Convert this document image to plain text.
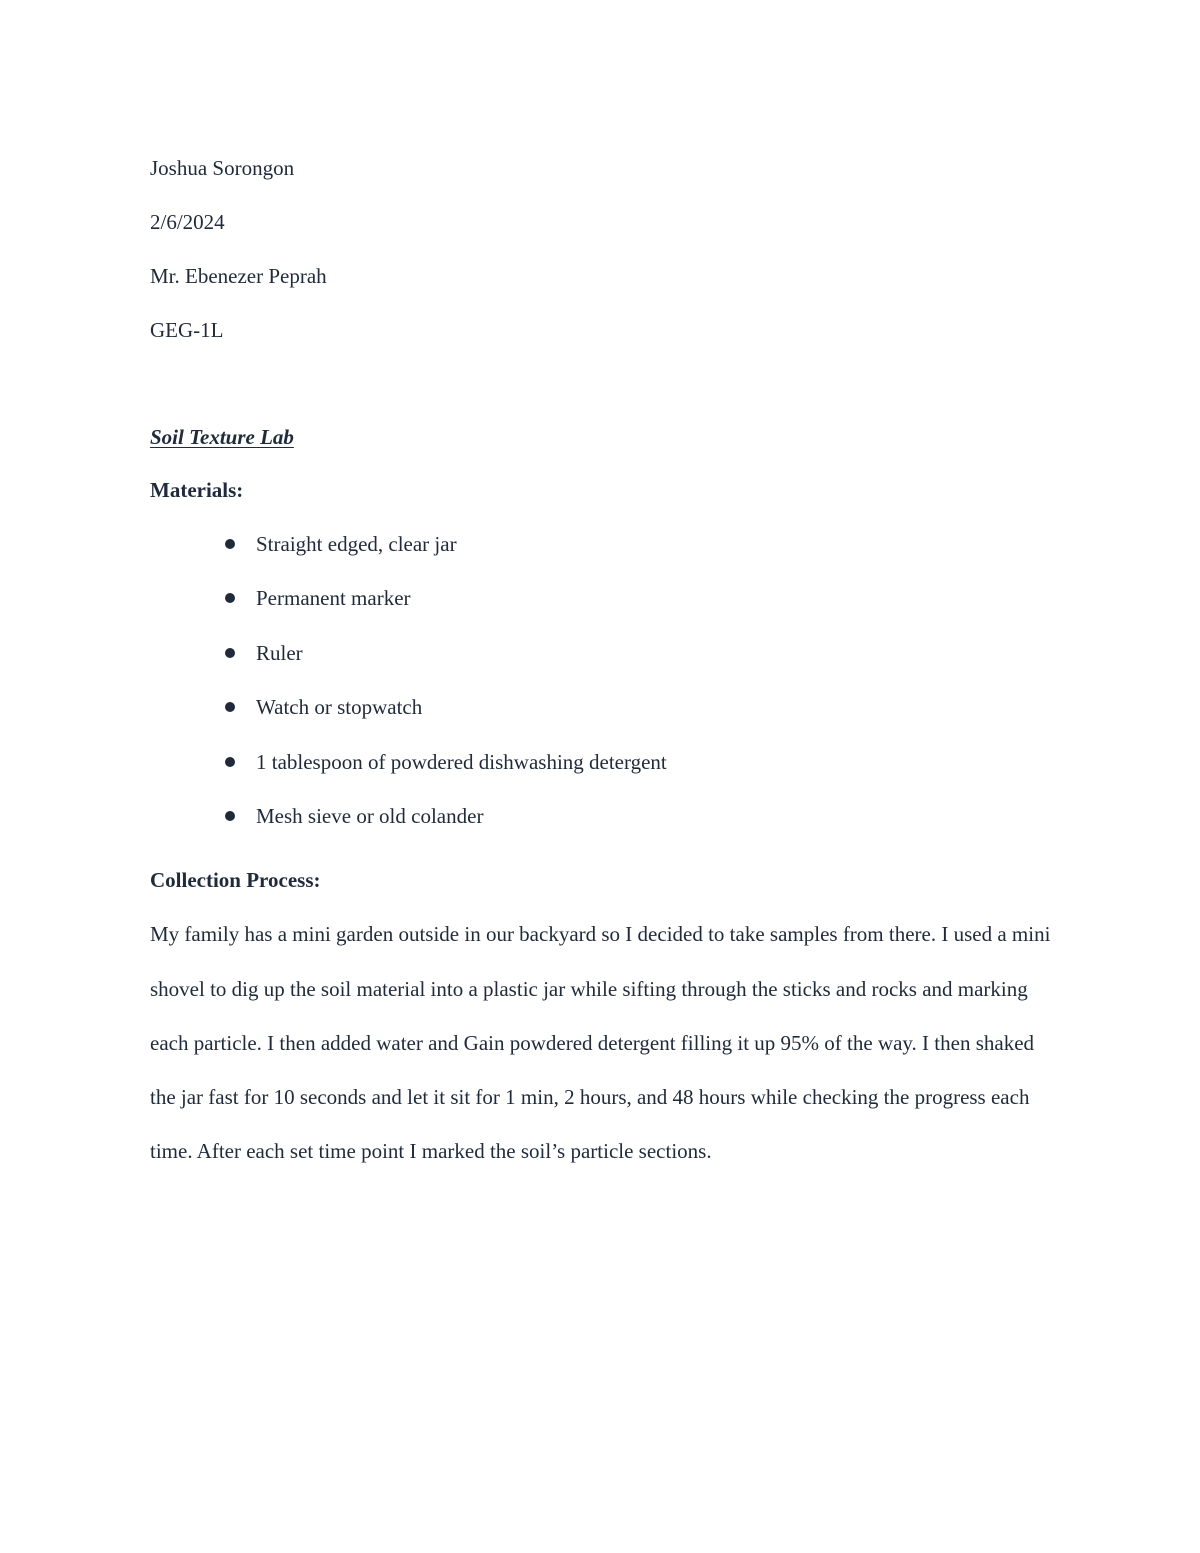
Joshua Sorongon

2/6/2024

Mr. Ebenezer Peprah

GEG-1L

Soil Texture Lab

Materials:

Straight edged, clear jar
Permanent marker
Ruler
Watch or stopwatch
1 tablespoon of powdered dishwashing detergent
Mesh sieve or old colander

Collection Process:

My family has a mini garden outside in our backyard so I decided to take samples from there. I used a mini shovel to dig up the soil material into a plastic jar while sifting through the sticks and rocks and marking each particle. I then added water and Gain powdered detergent filling it up 95% of the way. I then shaked the jar fast for 10 seconds and let it sit for 1 min, 2 hours, and 48 hours while checking the progress each time. After each set time point I marked the soil’s particle sections.
